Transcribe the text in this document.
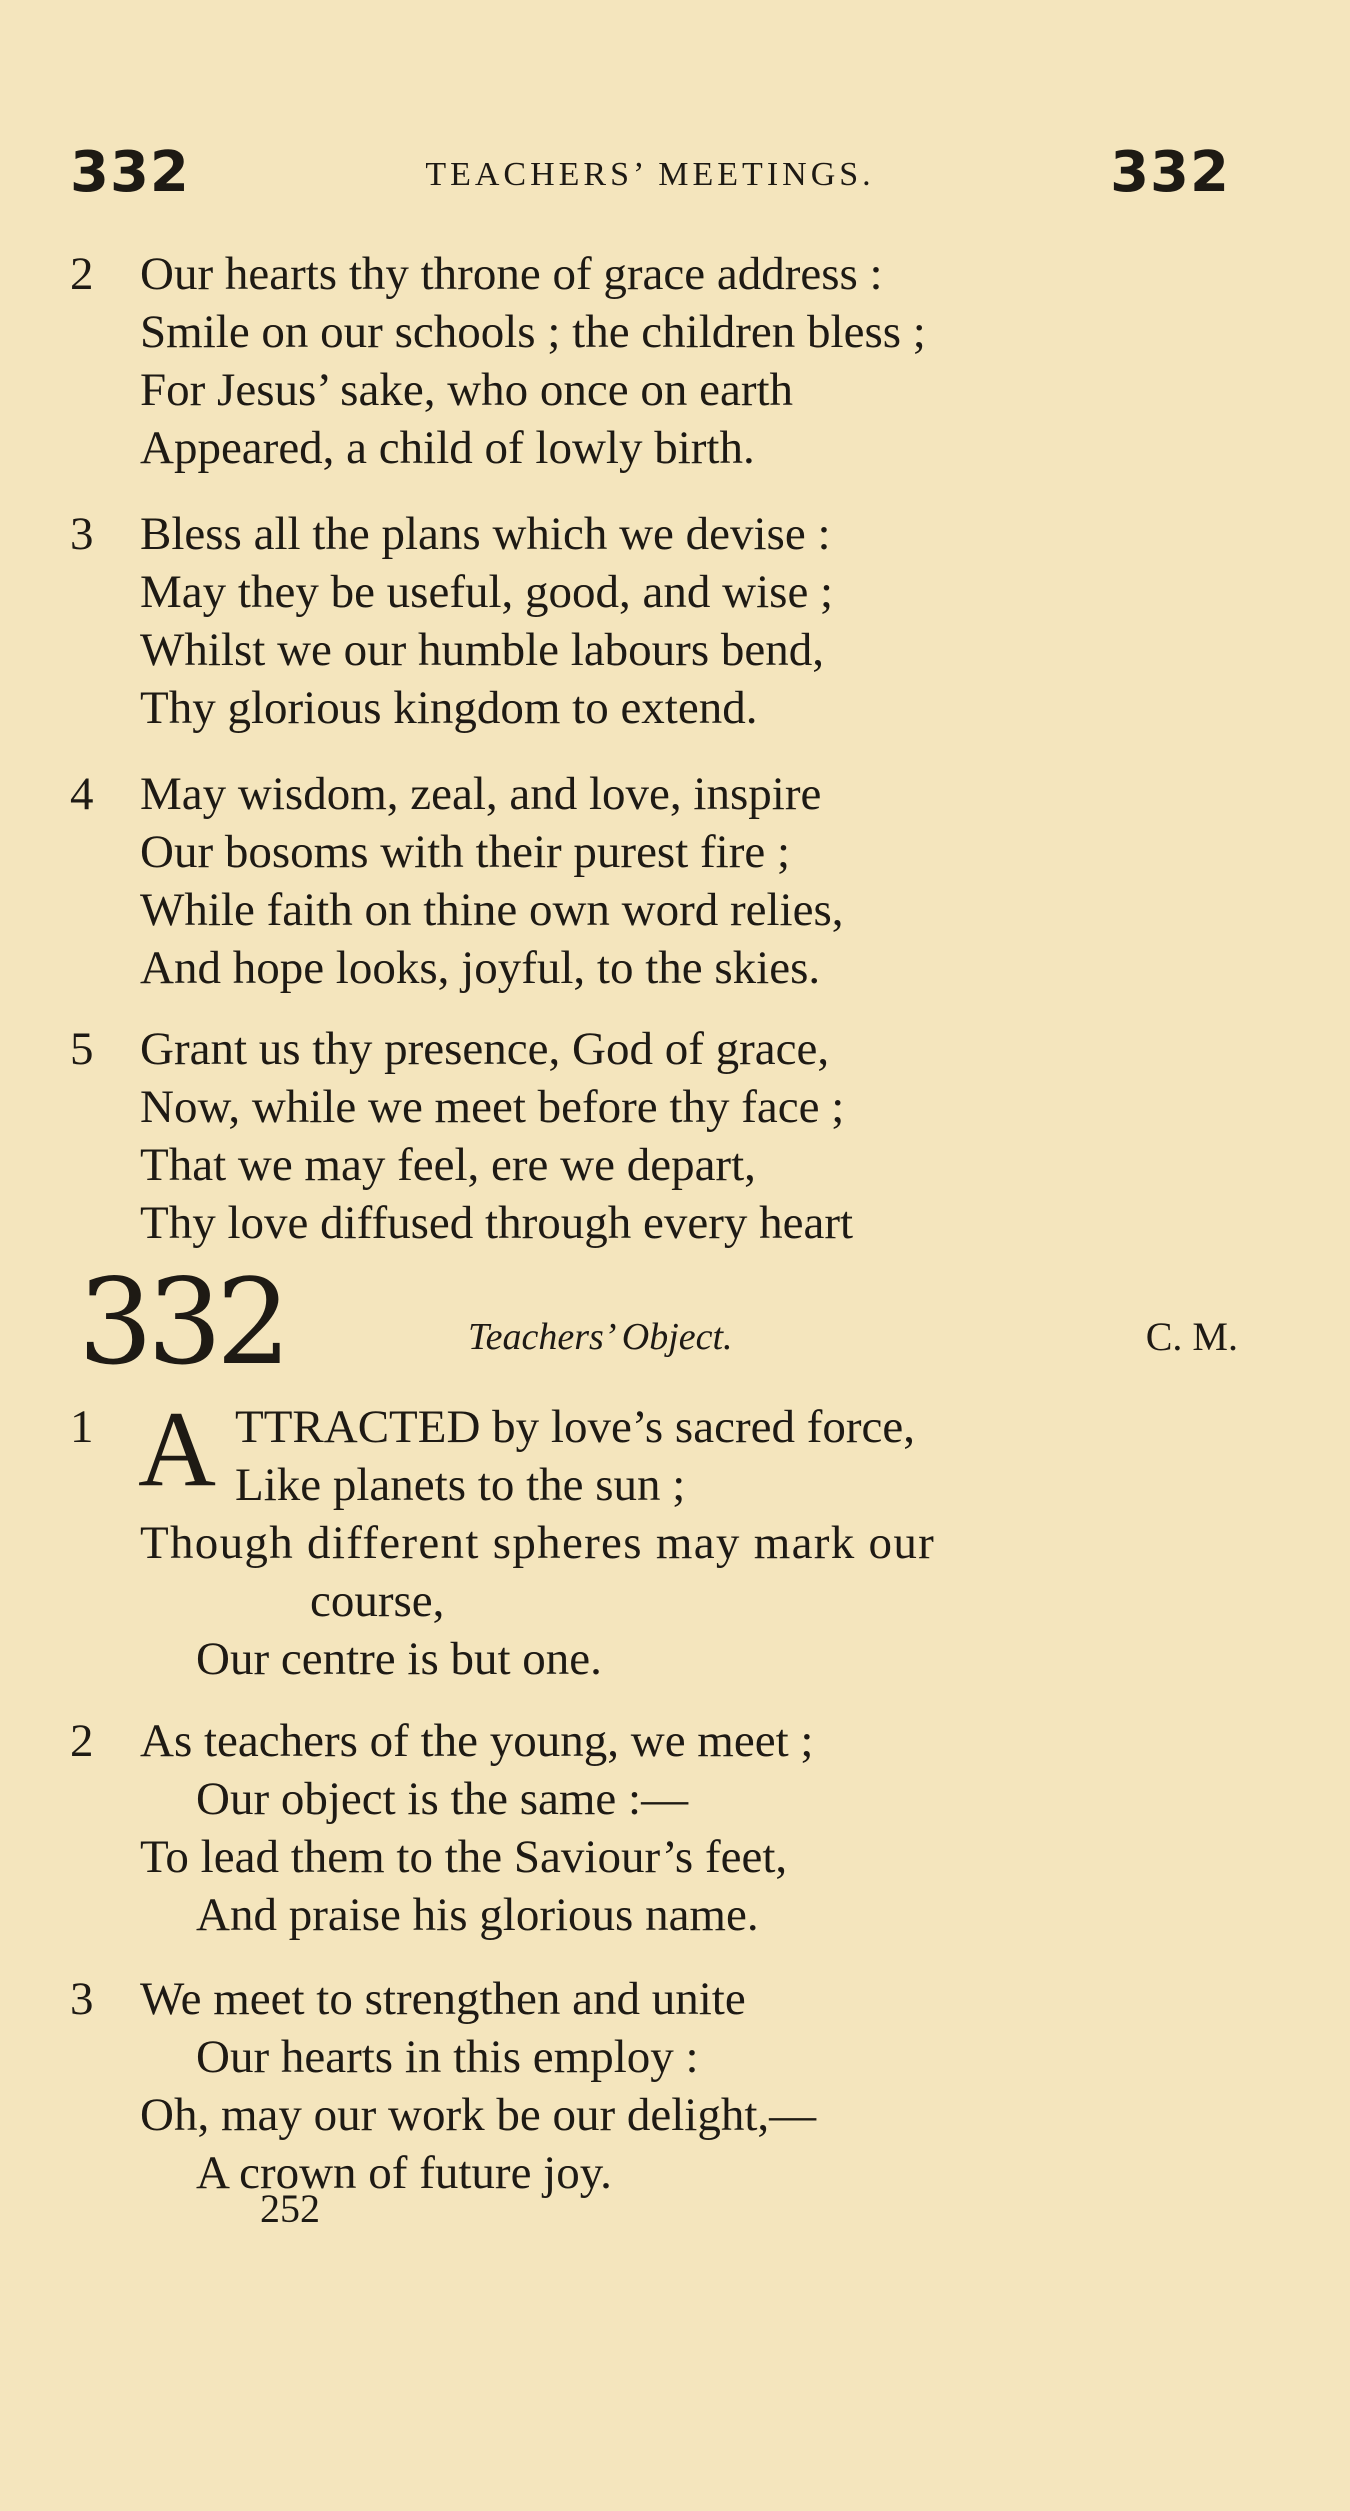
332	TEACHERS’ MEETINGS.	332
2 Our hearts thy throne of grace address :
Smile on our schools ; the children bless ;
For Jesus’ sake, who once on earth
Appeared, a child of lowly birth.
3 Bless all the plans which we devise :
May they be useful, good, and wise ;
Whilst we our humble labours bend,
Thy glorious kingdom to extend.
4 May wisdom, zeal, and love, inspire
Our bosoms with their purest fire ;
While faith on thine own word relies,
And hope looks, joyful, to the skies.
5 Grant us thy presence, God of grace,
Now, while we meet before thy face ;
That we may feel, ere we depart,
Thy love diffused through every heart
332	Teachers’ Object.	C. M.
1 A TTRACTED by love’s sacred force,
Like planets to the sun ;
Though different spheres may mark our
course,
Our centre is but one.
2 As teachers of the young, we meet ;
Our object is the same :—
To lead them to the Saviour’s feet,
And praise his glorious name.
3 We meet to strengthen and unite
Our hearts in this employ :
Oh, may our work be our delight,—
A crown of future joy.
252
